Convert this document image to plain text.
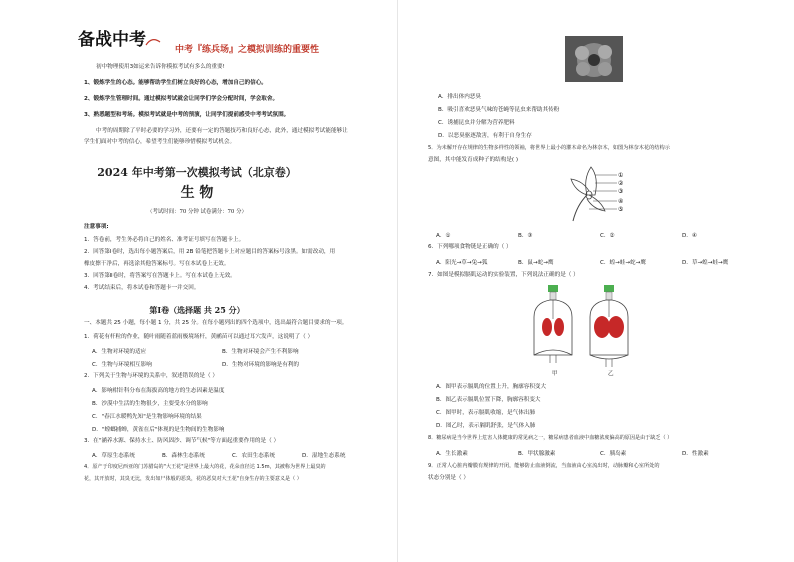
备战中考	中考『练兵场』之模拟训练的重要性
初中物理使用3如运来告诉你模拟考试有多么的重要!
1、锻炼学生的心态。能够帮助学生们树立良好的心态，增加自己的信心。
2、锻炼学生管理时间。通过模拟考试就会让同学们学会分配时间，学会取舍。
3、熟悉题型和考场。模拟考试就是中考的预演，让同学们提前感受中考考试氛围。
中考的周期除了平时必要的学习外，还要有一定的答题技巧和良好心态，此外，通过模拟考试能能够让
学生们面对中考的信心，希望考生们能够珍惜模拟考试机会。
2024 年中考第一次模拟考试（北京卷）
生 物
（考试时间：70 分钟 试卷满分：70 分）
注意事项:
1．答卷前，考生务必将自己的姓名、准考证号填写在答题卡上。
2．回答第Ⅰ卷时，选出每小题答案后，用 2B 铅笔把答题卡上对应题目的答案标号涂黑。如需改动，用
橡皮擦干净后，再选涂其他答案标号。写在本试卷上无效。
3．回答第Ⅱ卷时，将答案写在答题卡上。写在本试卷上无效。
4．考试结束后，将本试卷和答题卡一并交回。
第Ⅰ卷（选择题 共 25 分）
一、本题共 25 小题，每小题 1 分，共 25 分。在每小题列出的四个选项中，选出最符合题目要求的一项。
1．荷花有杆粒的作业，随叶雨随着蓝雨极境场杆，黄鹂苗可以通过耳穴发声，这说明了（ ）
A．生物对环境的适应	B．生物对环境会产生不利影响
C．生物与环境相互影响	D．生物对环境的影响是有利的
2．下列关于生物与环境的关系中，叙述错误的是（ ）
A．影响柑针科分布在海拔高的地方的生态因素是温度
B．沙漠中生活的生物很少，主要受水分的影响
C．"春江水暖鸭先知"是生物影响环境的结果
D．"螳螂捕蝉，黄雀在后"体现的是生物间的生物影响
3．在"涵养水源、保持水土、防风固沙、调节气候"等方面起重要作用的是（ ）
A．草原生态系统	B．森林生态系统	C．农田生态系统	D．湿地生态系统
4．原产于印度尼西亚的门苏腊岛的"大王花"是世界上最大的花，花朵直径达 1.5m，其被称为世界上最臭的
花，其开放时，其臭无比，发出如尸体般的恶臭，花的恶臭对大王花"自身生存的主要意义是（ ）
A．排出体内恶臭
B．吸引喜欢恶臭气味的苍蝇等昆虫来帮助其传粉
C．诱捕昆虫并分解为营养肥料
D．以恶臭驱逐敌害，有利于自身生存
5．为未解开存在规律的生物多样性的领袖，将世界上最小的灌木命名为林奈木，如图为林奈木花的结构示
意图，其中能发育成种子的结构是( )
①
②
③
④
⑤
A．①	B．③	C．②	D．④
6．下列哪项食物链是正确的（ ）
A．阳光→草→兔→狐	B．鼠→蛇→鹰	C．蝗→蛙→蛇→鹰	D．草→蝗→蛙→鹰
7．如图是模拟膈肌运动的实验装置，下列说法正确的是（ ）
甲	乙
A．图甲表示膈肌的位置上升，胸廓容积变大
B．图乙表示膈肌位置下降，胸廓容积变大
C．图甲时，表示膈肌收缩，是气体出肺
D．图乙时，表示膈肌舒张，是气体入肺
8．糖尿病是当今世界上危害人体健康的常见病之一，糖尿病患者血液中血糖浓度偏高的原因是由于缺乏（ ）
A．生长激素	B．甲状腺激素	C．胰岛素	D．性激素
9．正常人心脏内瓣膜有规律的开闭，能够防止血液倒流，当血液由心室流出时，动脉瓣和心室所处的
状态分别是（ ）
